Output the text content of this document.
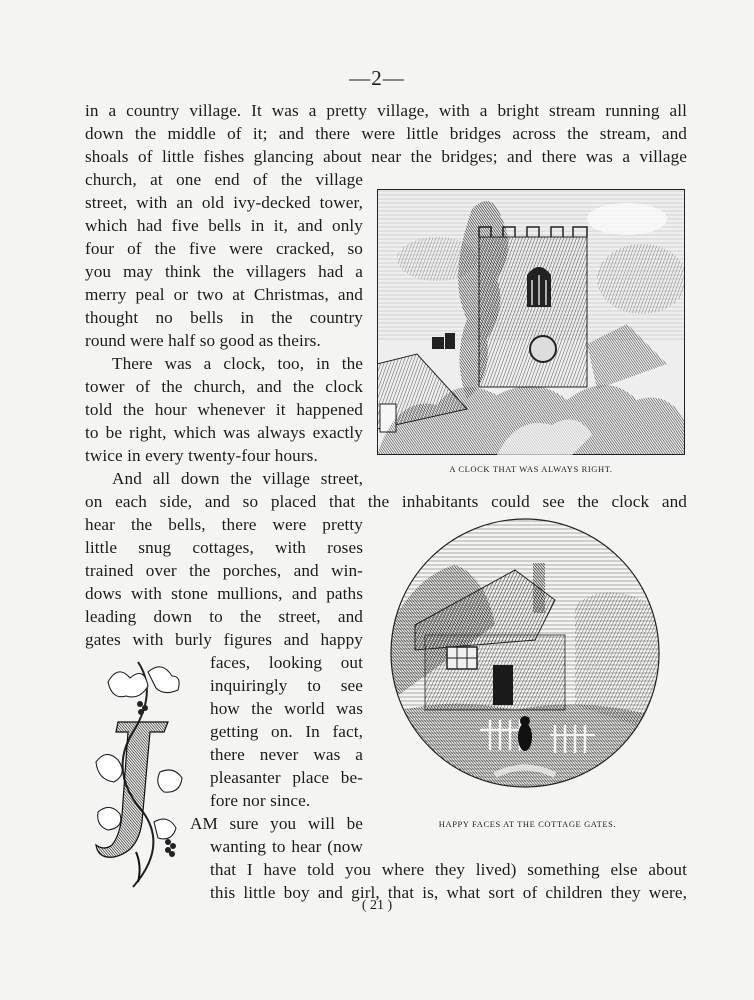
—2—
in a country village. It was a pretty village, with a bright stream running all
down the middle of it; and there were little bridges across the stream, and
shoals of little fishes glancing about near the bridges; and there was a village
church, at one end of the village
street, with an old ivy-decked tower,
which had five bells in it, and only
four of the five were cracked, so
you may think the villagers had a
merry peal or two at Christmas, and
thought no bells in the country
round were half so good as theirs.
There was a clock, too, in the
tower of the church, and the clock
told the hour whenever it happened
to be right, which was always exactly
twice in every twenty-four hours.
And all down the village street,
on each side, and so placed that the inhabitants could see the clock and
hear the bells, there were pretty
little snug cottages, with roses
trained over the porches, and win-
dows with stone mullions, and paths
leading down to the street, and
gates with burly figures and happy
faces, looking out
inquiringly to see
how the world was
getting on. In fact,
there never was a
pleasanter place be-
fore nor since.
AM sure you will be
wanting to hear (now
that I have told you where they lived) something else about
this little boy and girl, that is, what sort of children they were,
A CLOCK THAT WAS ALWAYS RIGHT.
HAPPY FACES AT THE COTTAGE GATES.
( 21 )
